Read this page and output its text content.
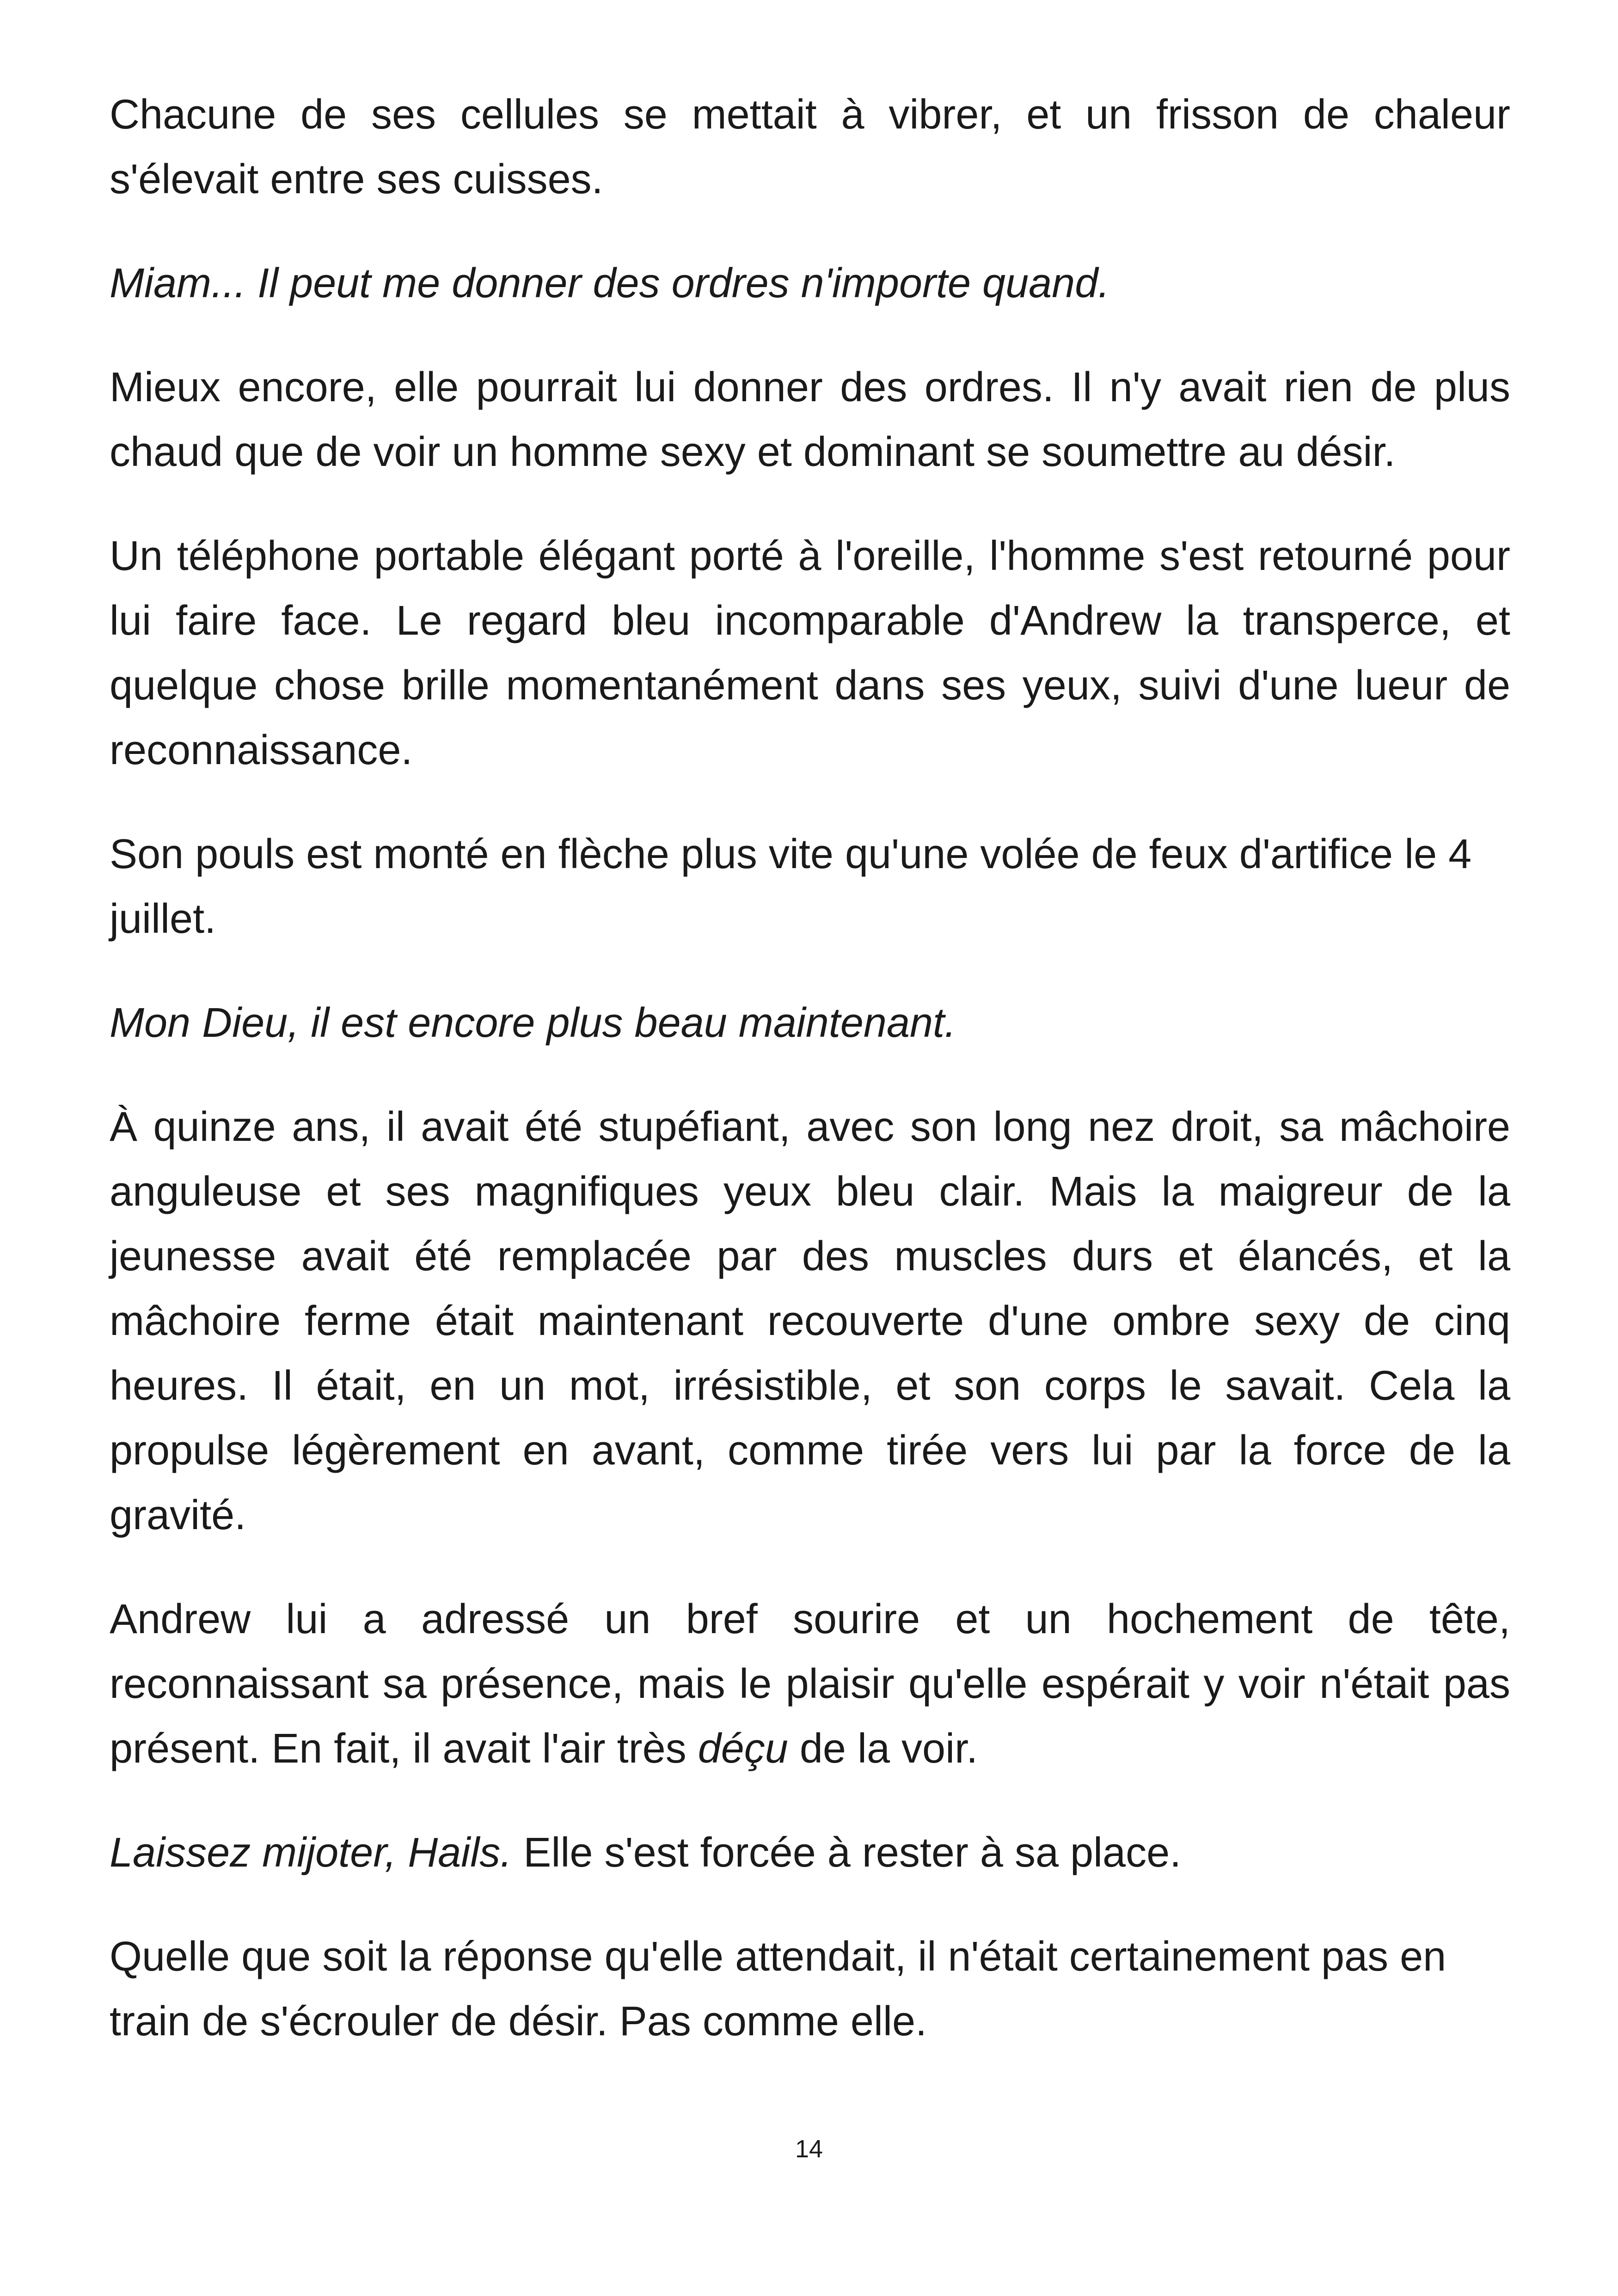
Chacune de ses cellules se mettait à vibrer, et un frisson de chaleur s'élevait entre ses cuisses.

Miam... Il peut me donner des ordres n'importe quand.

Mieux encore, elle pourrait lui donner des ordres. Il n'y avait rien de plus chaud que de voir un homme sexy et dominant se soumettre au désir.

Un téléphone portable élégant porté à l'oreille, l'homme s'est retourné pour lui faire face. Le regard bleu incomparable d'Andrew la transperce, et quelque chose brille momentanément dans ses yeux, suivi d'une lueur de reconnaissance.

Son pouls est monté en flèche plus vite qu'une volée de feux d'artifice le 4 juillet.

Mon Dieu, il est encore plus beau maintenant.

À quinze ans, il avait été stupéfiant, avec son long nez droit, sa mâchoire anguleuse et ses magnifiques yeux bleu clair. Mais la maigreur de la jeunesse avait été remplacée par des muscles durs et élancés, et la mâchoire ferme était maintenant recouverte d'une ombre sexy de cinq heures. Il était, en un mot, irrésistible, et son corps le savait. Cela la propulse légèrement en avant, comme tirée vers lui par la force de la gravité.

Andrew lui a adressé un bref sourire et un hochement de tête, reconnaissant sa présence, mais le plaisir qu'elle espérait y voir n'était pas présent. En fait, il avait l'air très déçu de la voir.

Laissez mijoter, Hails. Elle s'est forcée à rester à sa place.

Quelle que soit la réponse qu'elle attendait, il n'était certainement pas en train de s'écrouler de désir. Pas comme elle.

14
